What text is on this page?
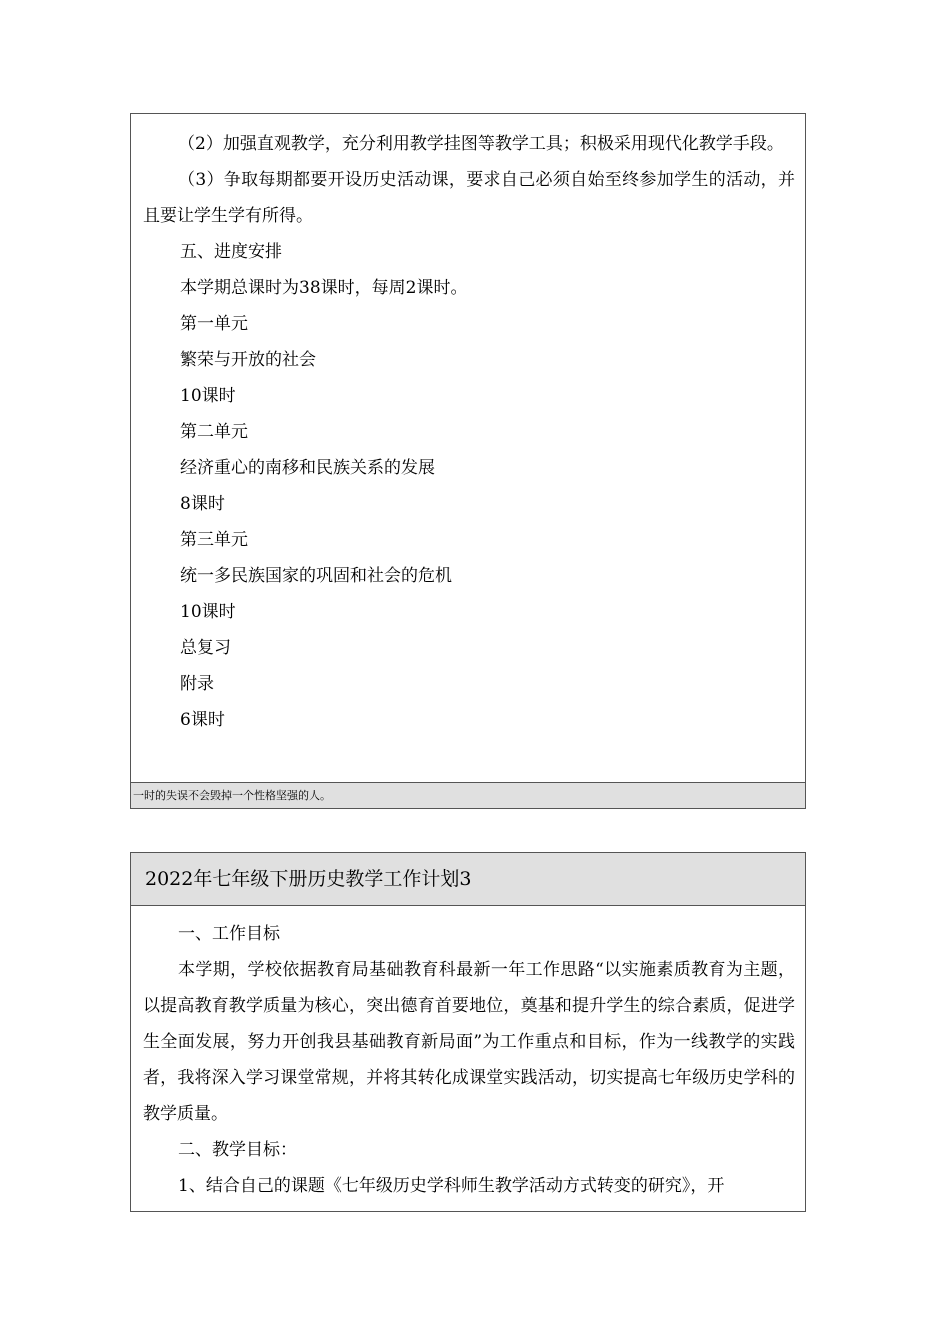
（2）加强直观教学，充分利用教学挂图等教学工具；积极采用现代化教学手段。

（3）争取每期都要开设历史活动课，要求自己必须自始至终参加学生的活动，并且要让学生学有所得。

五、进度安排

本学期总课时为38课时，每周2课时。

第一单元

繁荣与开放的社会

10课时

第二单元

经济重心的南移和民族关系的发展

8课时

第三单元

统一多民族国家的巩固和社会的危机

10课时

总复习

附录

6课时

一时的失误不会毁掉一个性格坚强的人。
2022年七年级下册历史教学工作计划3

一、工作目标

本学期，学校依据教育局基础教育科最新一年工作思路“以实施素质教育为主题，以提高教育教学质量为核心，突出德育首要地位，奠基和提升学生的综合素质，促进学生全面发展，努力开创我县基础教育新局面”为工作重点和目标，作为一线教学的实践者，我将深入学习课堂常规，并将其转化成课堂实践活动，切实提高七年级历史学科的教学质量。

二、教学目标：

1、结合自己的课题《七年级历史学科师生教学活动方式转变的研究》，开
